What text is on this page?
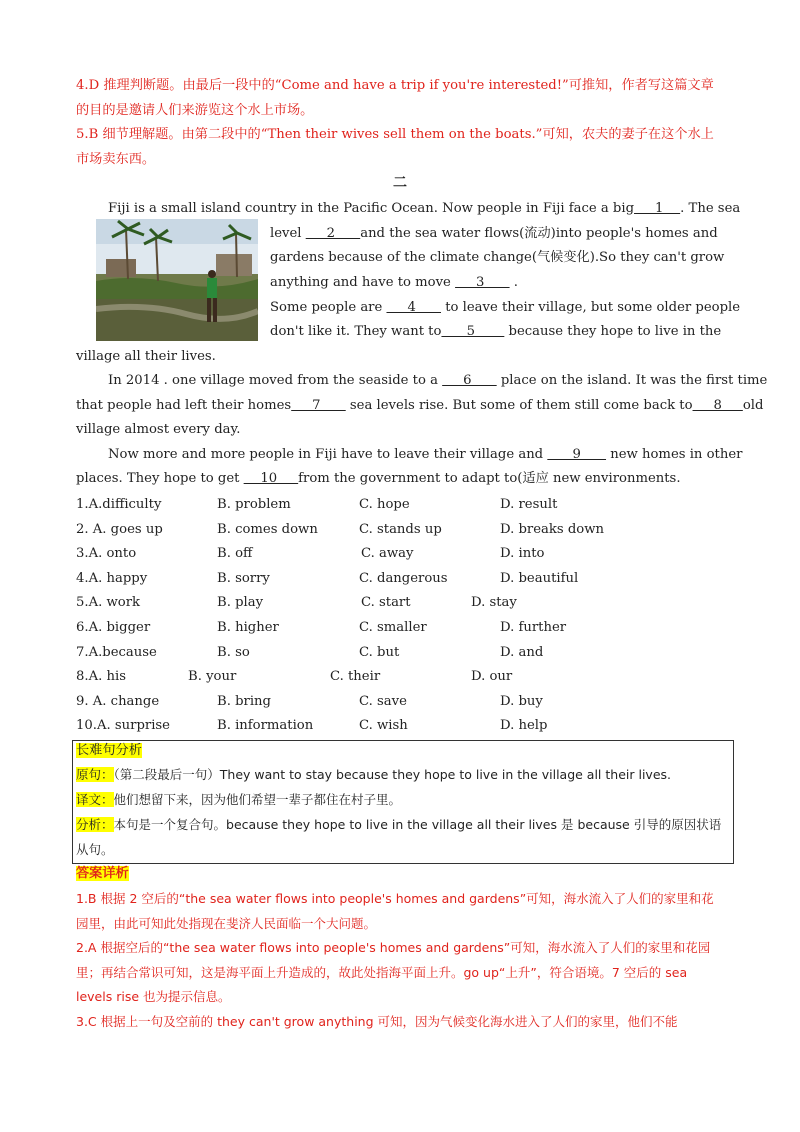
4.D 推理判断题。由最后一段中的“Come and have a trip if you're interested!”可推知，作者写这篇文章的目的是邀请人们来游览这个水上市场。
5.B 细节理解题。由第二段中的“Then their wives sell them on the boats.”可知，农夫的妻子在这个水上市场卖东西。
二
Fiji is a small island country in the Pacific Ocean. Now people in Fiji face a big     1    . The sea
level      2      and the sea water flows(流动)into people's homes and
gardens because of the climate change(气候变化).So they can't grow
anything and have to move      3       .
Some people are      4       to leave their village, but some older people
don't like it. They want to      5        because they hope to live in the
village all their lives.
In 2014 . one village moved from the seaside to a      6       place on the island. It was the first time
that people had left their homes     7       sea levels rise. But some of them still come back to     8     old
village almost every day.
Now more and more people in Fiji have to leave their village and       9       new homes in other
places. They hope to get     10     from the government to adapt to(适应 new environments.
1.A.difficulty	B. problem	C. hope	D. result
2. A. goes up	B. comes down	C. stands up	D. breaks down
3.A. onto	B. off	C. away	D. into
4.A. happy	B. sorry	C. dangerous	D. beautiful
5.A. work	B. play	C. start	D. stay
6.A. bigger	B. higher	C. smaller	D. further
7.A.because	B. so	C. but	D. and
8.A. his	B. your	C. their	D. our
9. A. change	B. bring	C. save	D. buy
10.A. surprise	B. information	C. wish	D. help
长难句分析
原句：（第二段最后一句）They want to stay because they hope to live in the village all their lives.
译文：他们想留下来，因为他们希望一辈子都住在村子里。
分析：本句是一个复合句。because they hope to live in the village all their lives 是 because 引导的原因状语从句。
答案详析
1.B 根据 2 空后的“the sea water flows into people's homes and gardens”可知，海水流入了人们的家里和花园里，由此可知此处指现在斐济人民面临一个大问题。
2.A 根据空后的“the sea water flows into people's homes and gardens”可知，海水流入了人们的家里和花园里；再结合常识可知，这是海平面上升造成的，故此处指海平面上升。go up“上升”，符合语境。7 空后的 sea levels rise 也为提示信息。
3.C 根据上一句及空前的 they can't grow anything 可知，因为气候变化海水进入了人们的家里，他们不能
